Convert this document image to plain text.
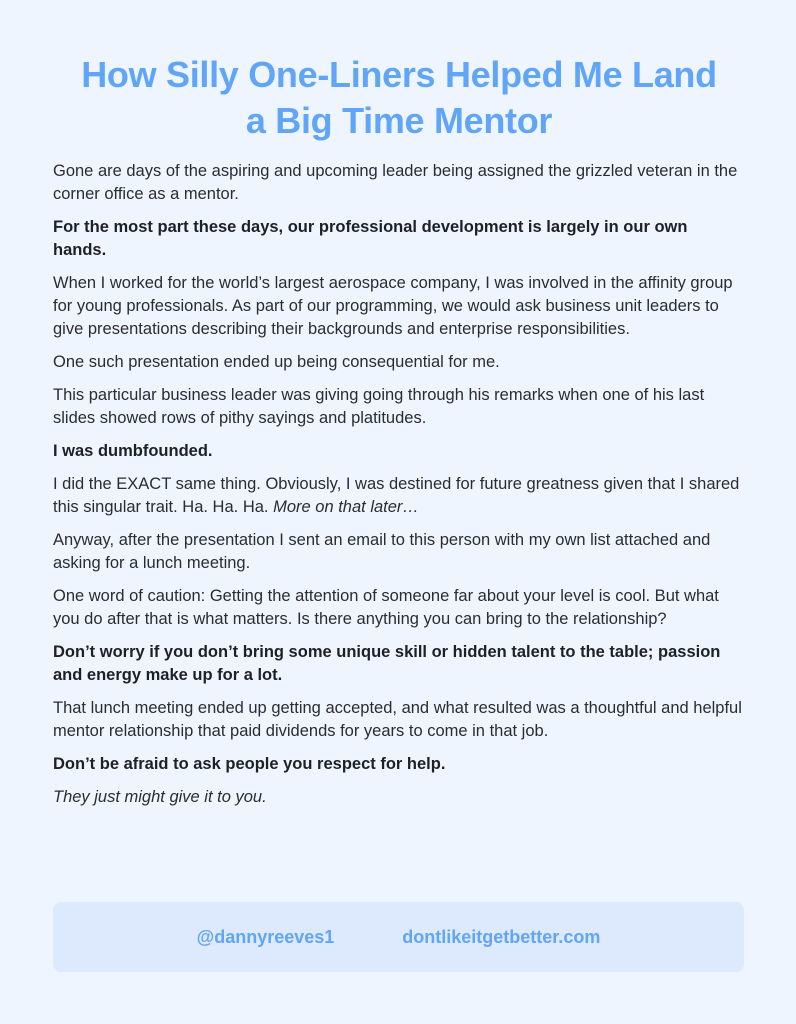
How Silly One-Liners Helped Me Land
a Big Time Mentor

Gone are days of the aspiring and upcoming leader being assigned the grizzled veteran in the corner office as a mentor.

For the most part these days, our professional development is largely in our own hands.

When I worked for the world’s largest aerospace company, I was involved in the affinity group for young professionals. As part of our programming, we would ask business unit leaders to give presentations describing their backgrounds and enterprise responsibilities.

One such presentation ended up being consequential for me.

This particular business leader was giving going through his remarks when one of his last slides showed rows of pithy sayings and platitudes.

I was dumbfounded.

I did the EXACT same thing. Obviously, I was destined for future greatness given that I shared this singular trait. Ha. Ha. Ha. More on that later…

Anyway, after the presentation I sent an email to this person with my own list attached and asking for a lunch meeting.

One word of caution: Getting the attention of someone far about your level is cool. But what you do after that is what matters. Is there anything you can bring to the relationship?

Don’t worry if you don’t bring some unique skill or hidden talent to the table; passion and energy make up for a lot.

That lunch meeting ended up getting accepted, and what resulted was a thoughtful and helpful mentor relationship that paid dividends for years to come in that job.

Don’t be afraid to ask people you respect for help.

They just might give it to you.

@dannyreeves1	dontlikeitgetbetter.com
